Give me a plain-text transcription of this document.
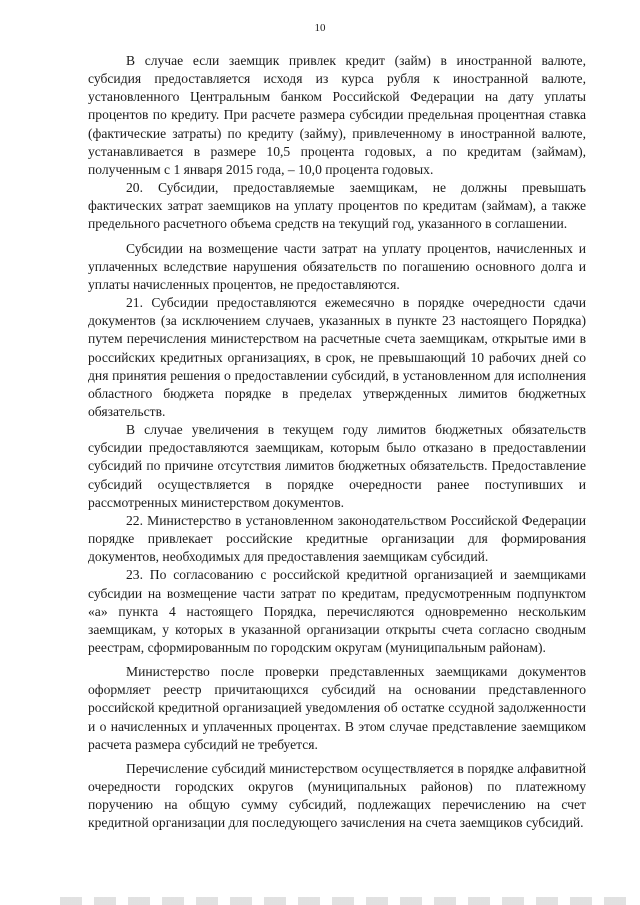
10

В случае если заемщик привлек кредит (займ) в иностранной валюте, субсидия предоставляется исходя из курса рубля к иностранной валюте, установленного Центральным банком Российской Федерации на дату уплаты процентов по кредиту. При расчете размера субсидии предельная процентная ставка (фактические затраты) по кредиту (займу), привлеченному в иностранной валюте, устанавливается в размере 10,5 процента годовых, а по кредитам (займам), полученным с 1 января 2015 года, – 10,0 процента годовых.

20. Субсидии, предоставляемые заемщикам, не должны превышать фактических затрат заемщиков на уплату процентов по кредитам (займам), а также предельного расчетного объема средств на текущий год, указанного в соглашении.

Субсидии на возмещение части затрат на уплату процентов, начисленных и уплаченных вследствие нарушения обязательств по погашению основного долга и уплаты начисленных процентов, не предоставляются.

21. Субсидии предоставляются ежемесячно в порядке очередности сдачи документов (за исключением случаев, указанных в пункте 23 настоящего Порядка) путем перечисления министерством на расчетные счета заемщикам, открытые ими в российских кредитных организациях, в срок, не превышающий 10 рабочих дней со дня принятия решения о предоставлении субсидий, в установленном для исполнения областного бюджета порядке в пределах утвержденных лимитов бюджетных обязательств.

В случае увеличения в текущем году лимитов бюджетных обязательств субсидии предоставляются заемщикам, которым было отказано в предоставлении субсидий по причине отсутствия лимитов бюджетных обязательств. Предоставление субсидий осуществляется в порядке очередности ранее поступивших и рассмотренных министерством документов.

22. Министерство в установленном законодательством Российской Федерации порядке привлекает российские кредитные организации для формирования документов, необходимых для предоставления заемщикам субсидий.

23. По согласованию с российской кредитной организацией и заемщиками субсидии на возмещение части затрат по кредитам, предусмотренным подпунктом «а» пункта 4 настоящего Порядка, перечисляются одновременно нескольким заемщикам, у которых в указанной организации открыты счета согласно сводным реестрам, сформированным по городским округам (муниципальным районам).

Министерство после проверки представленных заемщиками документов оформляет реестр причитающихся субсидий на основании представленного российской кредитной организацией уведомления об остатке ссудной задолженности и о начисленных и уплаченных процентах. В этом случае представление заемщиком расчета размера субсидий не требуется.

Перечисление субсидий министерством осуществляется в порядке алфавитной очередности городских округов (муниципальных районов) по платежному поручению на общую сумму субсидий, подлежащих перечислению на счет кредитной организации для последующего зачисления на счета заемщиков субсидий.
